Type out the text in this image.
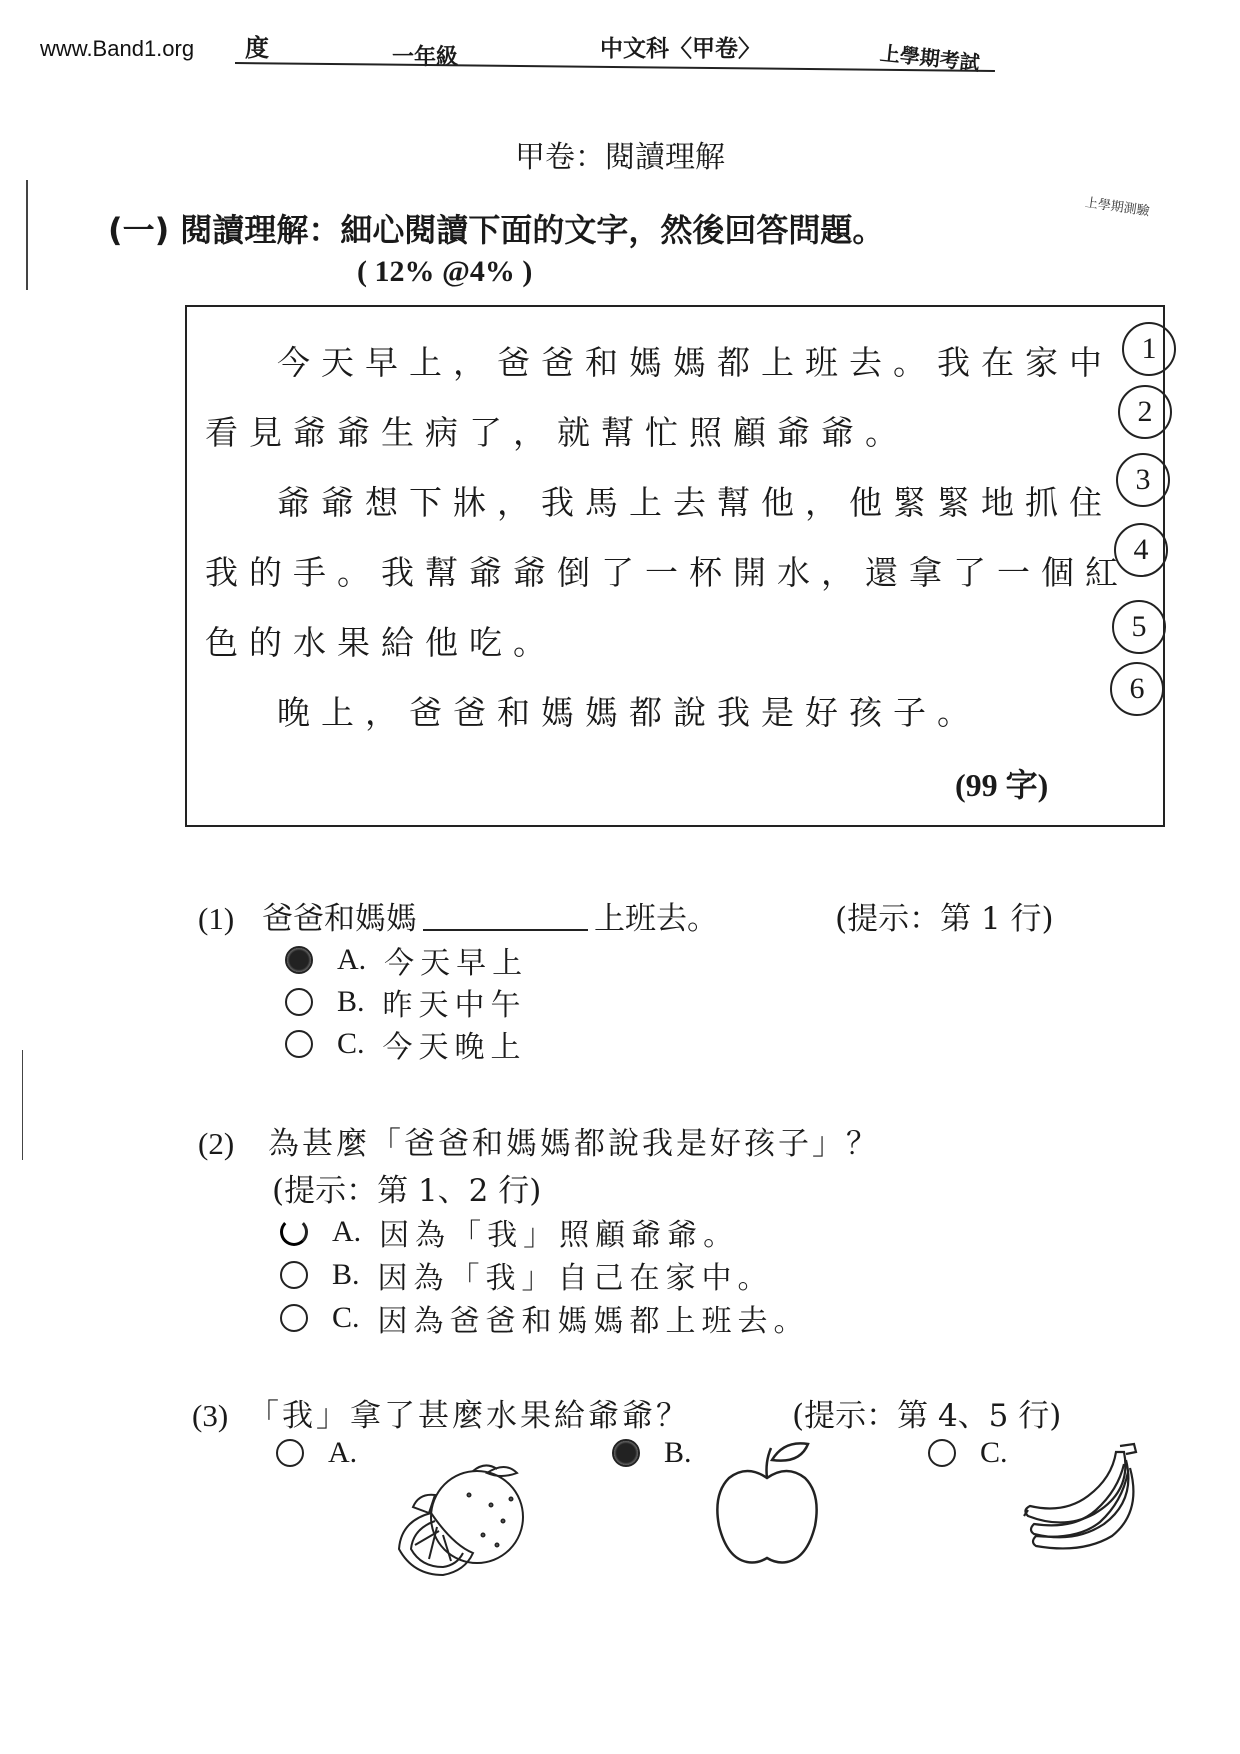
www.Band1.org 度	一年級	中文科〈甲卷〉	上學期考試
甲卷：閱讀理解
(一) 閱讀理解：細心閱讀下面的文字，然後回答問題。
( 12% @4% )
上學期測驗
今天早上，爸爸和媽媽都上班去。我在家中
看見爺爺生病了，就幫忙照顧爺爺。
爺爺想下牀，我馬上去幫他，他緊緊地抓住
我的手。我幫爺爺倒了一杯開水，還拿了一個紅
色的水果給他吃。
晚上，爸爸和媽媽都說我是好孩子。
(99 字)
1
2
3
4
5
6
(1) 爸爸和媽媽	上班去。	(提示：第 1 行)
A. 今天早上
B. 昨天中午
C. 今天晚上
(2) 為甚麼「爸爸和媽媽都說我是好孩子」？
(提示：第 1、2 行)
A. 因為「我」照顧爺爺。
B. 因為「我」自己在家中。
C. 因為爸爸和媽媽都上班去。
(3) 「我」拿了甚麼水果給爺爺？	(提示：第 4、5 行)
A.	B.	C.
